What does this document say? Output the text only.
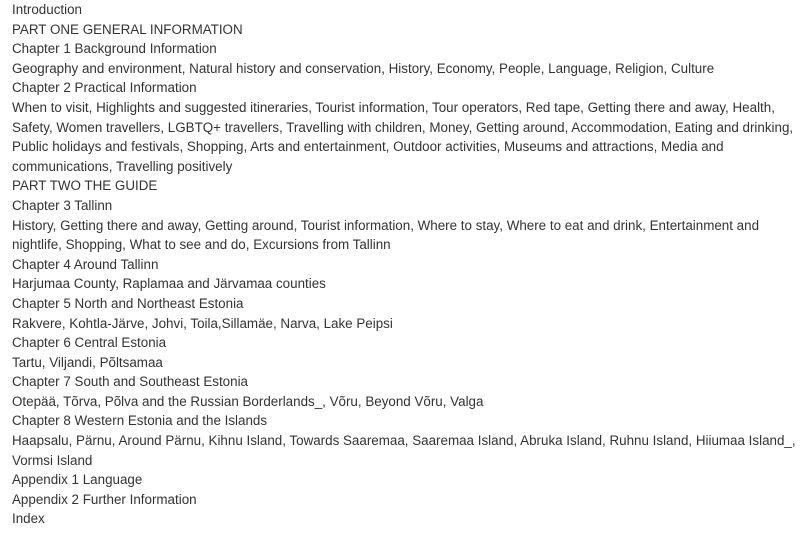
Introduction
PART ONE GENERAL INFORMATION
Chapter 1 Background Information
Geography and environment, Natural history and conservation, History, Economy, People, Language, Religion, Culture
Chapter 2 Practical Information
When to visit, Highlights and suggested itineraries, Tourist information, Tour operators, Red tape, Getting there and away, Health,
Safety, Women travellers, LGBTQ+ travellers, Travelling with children, Money, Getting around, Accommodation, Eating and drinking,
Public holidays and festivals, Shopping, Arts and entertainment, Outdoor activities, Museums and attractions, Media and
communications, Travelling positively
PART TWO THE GUIDE
Chapter 3 Tallinn
History, Getting there and away, Getting around, Tourist information, Where to stay, Where to eat and drink, Entertainment and
nightlife, Shopping, What to see and do, Excursions from Tallinn
Chapter 4 Around Tallinn
Harjumaa County, Raplamaa and Järvamaa counties
Chapter 5 North and Northeast Estonia
Rakvere, Kohtla-Järve, Johvi, Toila,Sillamäe, Narva, Lake Peipsi
Chapter 6 Central Estonia
Tartu, Viljandi, Põltsamaa
Chapter 7 South and Southeast Estonia
Otepää, Tõrva, Põlva and the Russian Borderlands_, Võru, Beyond Võru, Valga
Chapter 8 Western Estonia and the Islands
Haapsalu, Pärnu, Around Pärnu, Kihnu Island, Towards Saaremaa, Saaremaa Island, Abruka Island, Ruhnu Island, Hiiumaa Island_,
Vormsi Island
Appendix 1 Language
Appendix 2 Further Information
Index
